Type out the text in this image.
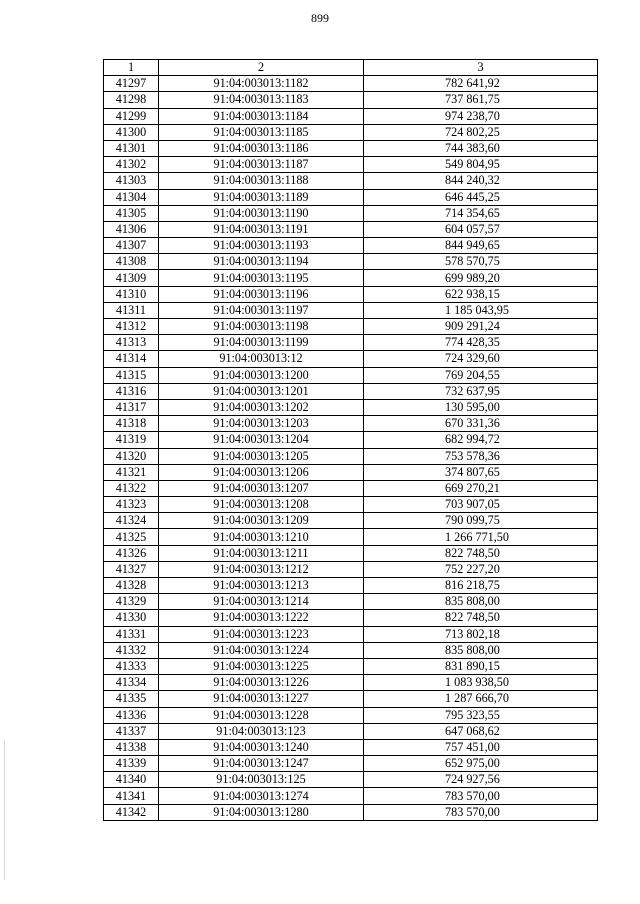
899
1	2	3
41297	91:04:003013:1182	782 641,92
41298	91:04:003013:1183	737 861,75
41299	91:04:003013:1184	974 238,70
41300	91:04:003013:1185	724 802,25
41301	91:04:003013:1186	744 383,60
41302	91:04:003013:1187	549 804,95
41303	91:04:003013:1188	844 240,32
41304	91:04:003013:1189	646 445,25
41305	91:04:003013:1190	714 354,65
41306	91:04:003013:1191	604 057,57
41307	91:04:003013:1193	844 949,65
41308	91:04:003013:1194	578 570,75
41309	91:04:003013:1195	699 989,20
41310	91:04:003013:1196	622 938,15
41311	91:04:003013:1197	1 185 043,95
41312	91:04:003013:1198	909 291,24
41313	91:04:003013:1199	774 428,35
41314	91:04:003013:12	724 329,60
41315	91:04:003013:1200	769 204,55
41316	91:04:003013:1201	732 637,95
41317	91:04:003013:1202	130 595,00
41318	91:04:003013:1203	670 331,36
41319	91:04:003013:1204	682 994,72
41320	91:04:003013:1205	753 578,36
41321	91:04:003013:1206	374 807,65
41322	91:04:003013:1207	669 270,21
41323	91:04:003013:1208	703 907,05
41324	91:04:003013:1209	790 099,75
41325	91:04:003013:1210	1 266 771,50
41326	91:04:003013:1211	822 748,50
41327	91:04:003013:1212	752 227,20
41328	91:04:003013:1213	816 218,75
41329	91:04:003013:1214	835 808,00
41330	91:04:003013:1222	822 748,50
41331	91:04:003013:1223	713 802,18
41332	91:04:003013:1224	835 808,00
41333	91:04:003013:1225	831 890,15
41334	91:04:003013:1226	1 083 938,50
41335	91:04:003013:1227	1 287 666,70
41336	91:04:003013:1228	795 323,55
41337	91:04:003013:123	647 068,62
41338	91:04:003013:1240	757 451,00
41339	91:04:003013:1247	652 975,00
41340	91:04:003013:125	724 927,56
41341	91:04:003013:1274	783 570,00
41342	91:04:003013:1280	783 570,00
